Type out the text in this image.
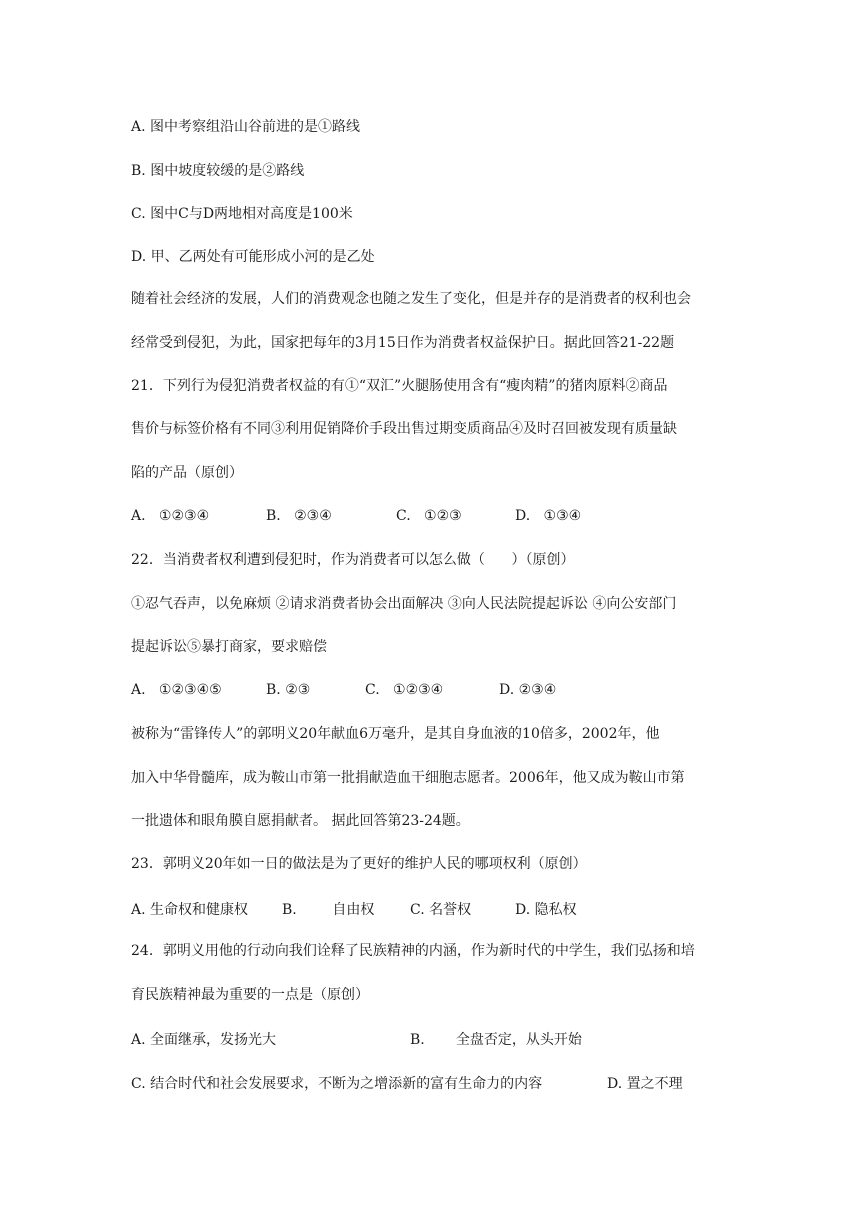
A. 图中考察组沿山谷前进的是①路线
B. 图中坡度较缓的是②路线
C. 图中C与D两地相对高度是100米
D. 甲、乙两处有可能形成小河的是乙处
随着社会经济的发展，人们的消费观念也随之发生了变化，但是并存的是消费者的权利也会
经常受到侵犯，为此，国家把每年的3月15日作为消费者权益保护日。据此回答21-22题
21．下列行为侵犯消费者权益的有①“双汇”火腿肠使用含有“瘦肉精”的猪肉原料②商品
售价与标签价格有不同③利用促销降价手段出售过期变质商品④及时召回被发现有质量缺
陷的产品（原创）
A.   ①②③④	B.   ②③④	C.   ①②③	D.   ①③④
22．当消费者权利遭到侵犯时，作为消费者可以怎么做（      ）（原创）
①忍气吞声，以免麻烦 ②请求消费者协会出面解决 ③向人民法院提起诉讼 ④向公安部门
提起诉讼⑤暴打商家，要求赔偿
A.   ①②③④⑤	B. ②③	C.   ①②③④	D. ②③④
被称为“雷锋传人”的郭明义20年献血6万毫升，是其自身血液的10倍多，2002年，他
加入中华骨髓库，成为鞍山市第一批捐献造血干细胞志愿者。2006年，他又成为鞍山市第
一批遗体和眼角膜自愿捐献者。 据此回答第23-24题。
23．郭明义20年如一日的做法是为了更好的维护人民的哪项权利（原创）
A. 生命权和健康权 B.        自由权	C. 名誉权	D. 隐私权
24．郭明义用他的行动向我们诠释了民族精神的内涵，作为新时代的中学生，我们弘扬和培
育民族精神最为重要的一点是（原创）
A. 全面继承，发扬光大	B.       全盘否定，从头开始
C. 结合时代和社会发展要求，不断为之增添新的富有生命力的内容	D. 置之不理
